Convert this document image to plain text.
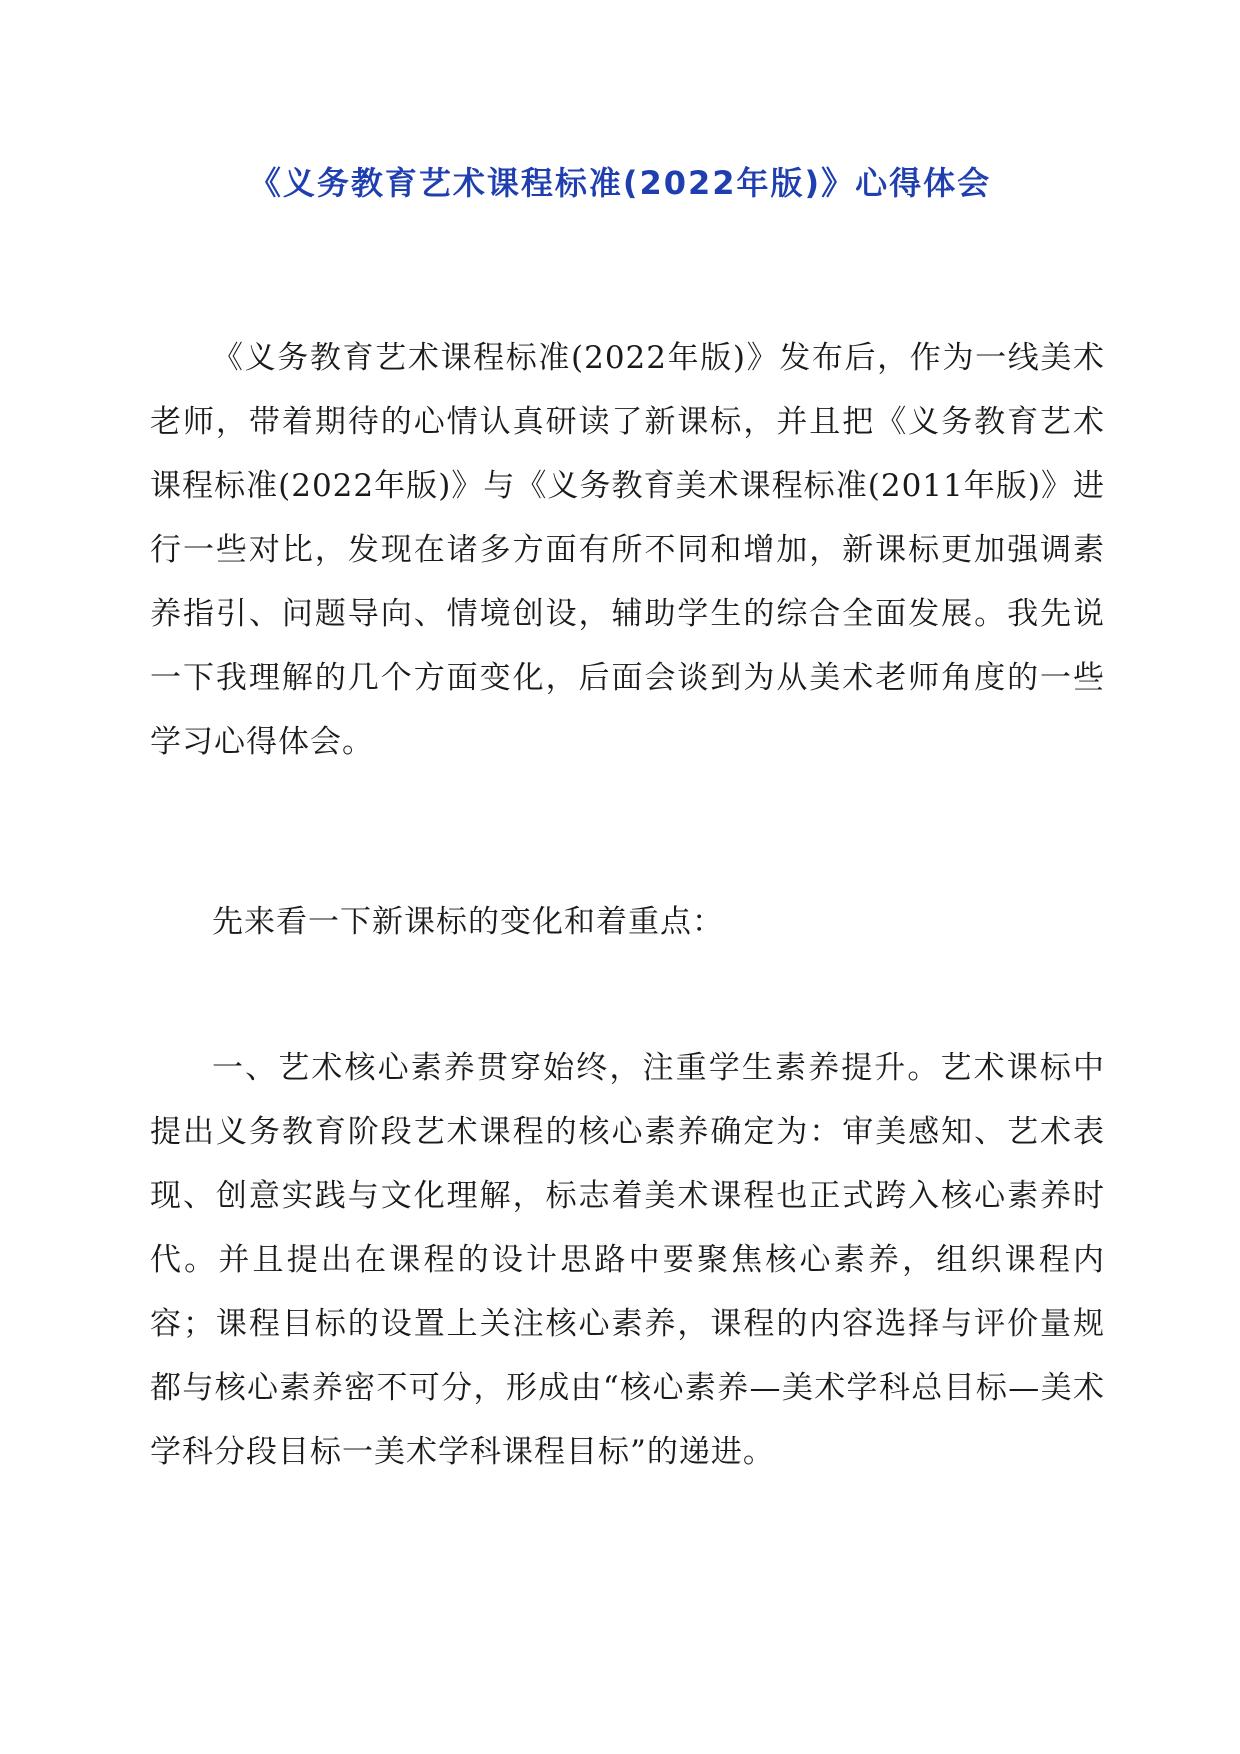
《义务教育艺术课程标准(2022年版)》心得体会

《义务教育艺术课程标准(2022年版)》发布后，作为一线美术老师，带着期待的心情认真研读了新课标，并且把《义务教育艺术课程标准(2022年版)》与《义务教育美术课程标准(2011年版)》进行一些对比，发现在诸多方面有所不同和增加，新课标更加强调素养指引、问题导向、情境创设，辅助学生的综合全面发展。我先说一下我理解的几个方面变化，后面会谈到为从美术老师角度的一些学习心得体会。

先来看一下新课标的变化和着重点：

一、艺术核心素养贯穿始终，注重学生素养提升。艺术课标中提出义务教育阶段艺术课程的核心素养确定为：审美感知、艺术表现、创意实践与文化理解，标志着美术课程也正式跨入核心素养时代。并且提出在课程的设计思路中要聚焦核心素养，组织课程内容；课程目标的设置上关注核心素养，课程的内容选择与评价量规都与核心素养密不可分，形成由“核心素养—美术学科总目标—美术学科分段目标一美术学科课程目标”的递进。
